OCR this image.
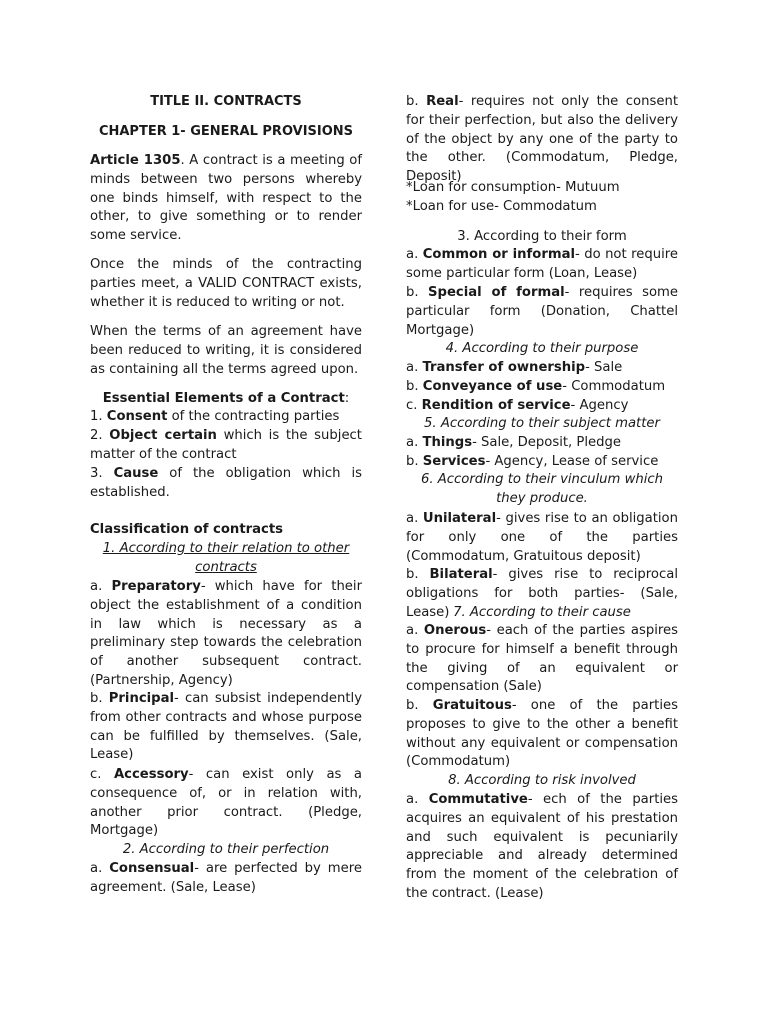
TITLE II. CONTRACTS
CHAPTER 1- GENERAL PROVISIONS
Article 1305. A contract is a meeting of minds between two persons whereby one binds himself, with respect to the other, to give something or to render some service.
Once the minds of the contracting parties meet, a VALID CONTRACT exists, whether it is reduced to writing or not.
When the terms of an agreement have been reduced to writing, it is considered as containing all the terms agreed upon.
Essential Elements of a Contract:
1. Consent of the contracting parties
2. Object certain which is the subject matter of the contract
3. Cause of the obligation which is established.
Classification of contracts
1. According to their relation to other contracts
a. Preparatory- which have for their object the establishment of a condition in law which is necessary as a preliminary step towards the celebration of another subsequent contract. (Partnership, Agency)
b. Principal- can subsist independently from other contracts and whose purpose can be fulfilled by themselves. (Sale, Lease)
c. Accessory- can exist only as a consequence of, or in relation with, another prior contract. (Pledge, Mortgage)
2. According to their perfection
a. Consensual- are perfected by mere agreement. (Sale, Lease)
b. Real- requires not only the consent for their perfection, but also the delivery of the object by any one of the party to the other. (Commodatum, Pledge, Deposit)
*Loan for consumption- Mutuum
*Loan for use- Commodatum
3. According to their form
a. Common or informal- do not require some particular form (Loan, Lease)
b. Special of formal- requires some particular form (Donation, Chattel Mortgage)
4. According to their purpose
a. Transfer of ownership- Sale
b. Conveyance of use- Commodatum
c. Rendition of service- Agency
5. According to their subject matter
a. Things- Sale, Deposit, Pledge
b. Services- Agency, Lease of service
6. According to their vinculum which they produce.
a. Unilateral- gives rise to an obligation for only one of the parties (Commodatum, Gratuitous deposit)
b. Bilateral- gives rise to reciprocal obligations for both parties- (Sale, Lease) 7. According to their cause
a. Onerous- each of the parties aspires to procure for himself a benefit through the giving of an equivalent or compensation (Sale)
b. Gratuitous- one of the parties proposes to give to the other a benefit without any equivalent or compensation (Commodatum)
8. According to risk involved
a. Commutative- ech of the parties acquires an equivalent of his prestation and such equivalent is pecuniarily appreciable and already determined from the moment of the celebration of the contract. (Lease)
